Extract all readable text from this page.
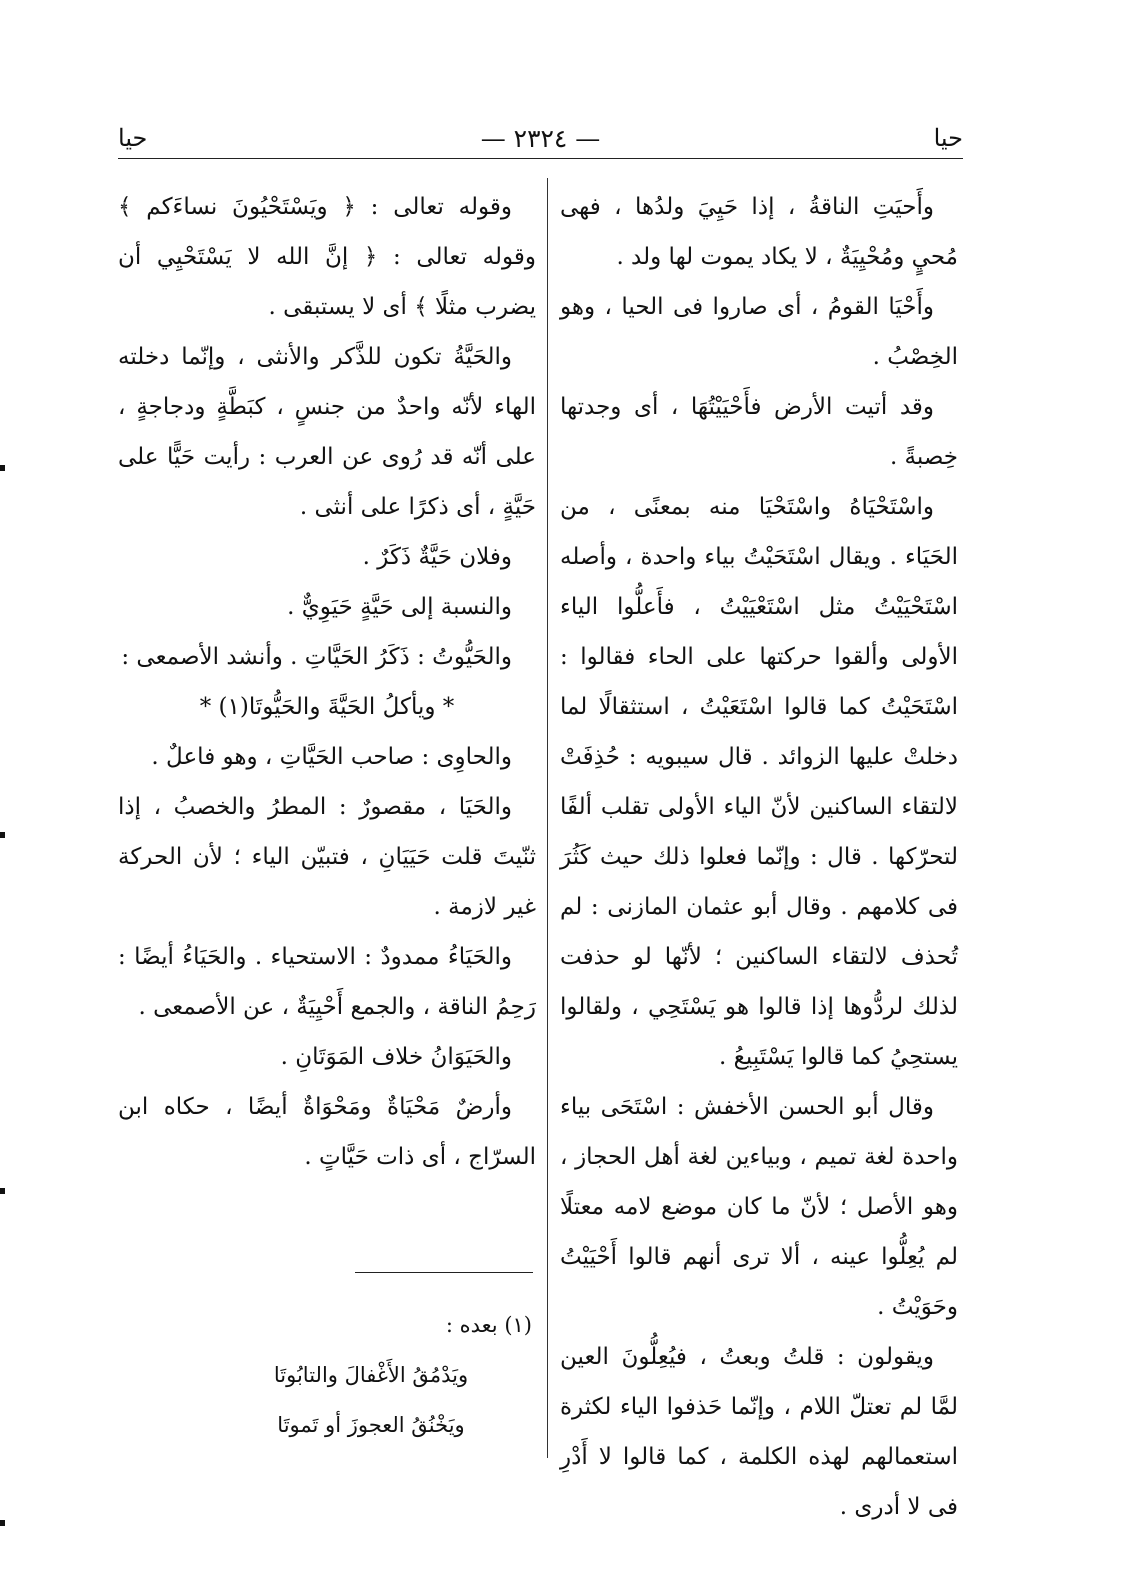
حيا
— ٢٣٢٤ —
حيا

وأَحيَتِ الناقةُ ، إذا حَيِيَ ولدُها ، فهى مُحيٍ ومُحْيِيَةٌ ، لا يكاد يموت لها ولد .

وأَحْيَا القومُ ، أى صاروا فى الحيا ، وهو الخِصْبُ .

وقد أتيت الأرض فأَحْيَيْتُهَا ، أى وجدتها خِصبةً .

واسْتَحْيَاهُ واسْتَحْيَا منه بمعنًى ، من الحَيَاء . ويقال اسْتَحَيْتُ بياء واحدة ، وأصله اسْتَحْيَيْتُ مثل اسْتَعْيَيْتُ ، فأَعلُّوا الياء الأولى وألقوا حركتها على الحاء فقالوا : اسْتَحَيْتُ كما قالوا اسْتَعَيْتُ ، استثقالًا لما دخلتْ عليها الزوائد . قال سيبويه : حُذِفَتْ لالتقاء الساكنين لأنّ الياء الأولى تقلب ألفًا لتحرّكها . قال : وإنّما فعلوا ذلك حيث كَثُرَ فى كلامهم . وقال أبو عثمان المازنى : لم تُحذف لالتقاء الساكنين ؛ لأنّها لو حذفت لذلك لردُّوها إذا قالوا هو يَسْتَحِي ، ولقالوا يستحِيُ كما قالوا يَسْتَبِيعُ .

وقال أبو الحسن الأخفش : اسْتَحَى بياء واحدة لغة تميم ، وبياءين لغة أهل الحجاز ، وهو الأصل ؛ لأنّ ما كان موضع لامه معتلًا لم يُعِلُّوا عينه ، ألا ترى أنهم قالوا أَحْيَيْتُ وحَوَيْتُ .

ويقولون : قلتُ وبعتُ ، فيُعِلُّونَ العين لمَّا لم تعتلّ اللام ، وإنّما حَذفوا الياء لكثرة استعمالهم لهذه الكلمة ، كما قالوا لا أَدْرِ فى لا أدرى .

وقوله تعالى : ﴿ ويَسْتَحْيُونَ نساءَكم ﴾ وقوله تعالى : ﴿ إنَّ الله لا يَسْتَحْيِي أن يضرب مثلًا ﴾ أى لا يستبقى .

والحَيَّةُ تكون للذَّكر والأنثى ، وإنّما دخلته الهاء لأنّه واحدٌ من جنسٍ ، كبَطَّةٍ ودجاجةٍ ، على أنّه قد رُوى عن العرب : رأيت حَيًّا على حَيَّةٍ ، أى ذكرًا على أنثى .

وفلان حَيَّةٌ ذَكَرٌ .

والنسبة إلى حَيَّةٍ حَيَوِيٌّ .

والحَيُّوتُ : ذَكَرُ الحَيَّاتِ . وأنشد الأصمعى :

* ويأكلُ الحَيَّةَ والحَيُّوتَا(١) *

والحاوِى : صاحب الحَيَّاتِ ، وهو فاعلٌ .

والحَيَا ، مقصورٌ : المطرُ والخصبُ ، إذا ثنّيتَ قلت حَيَيَانِ ، فتبيّن الياء ؛ لأن الحركة غير لازمة .

والحَيَاءُ ممدودٌ : الاستحياء . والحَيَاءُ أيضًا : رَحِمُ الناقة ، والجمع أَحْيِيَةٌ ، عن الأصمعى .

والحَيَوَانُ خلاف المَوَتَانِ .

وأرضٌ مَحْيَاةٌ ومَحْوَاةٌ أيضًا ، حكاه ابن السرّاج ، أى ذات حَيَّاتٍ .

(١) بعده :
ويَدْمُقُ الأَغْفالَ والتابُوتَا
ويَخْنُقُ العجوزَ أو تَموتَا
